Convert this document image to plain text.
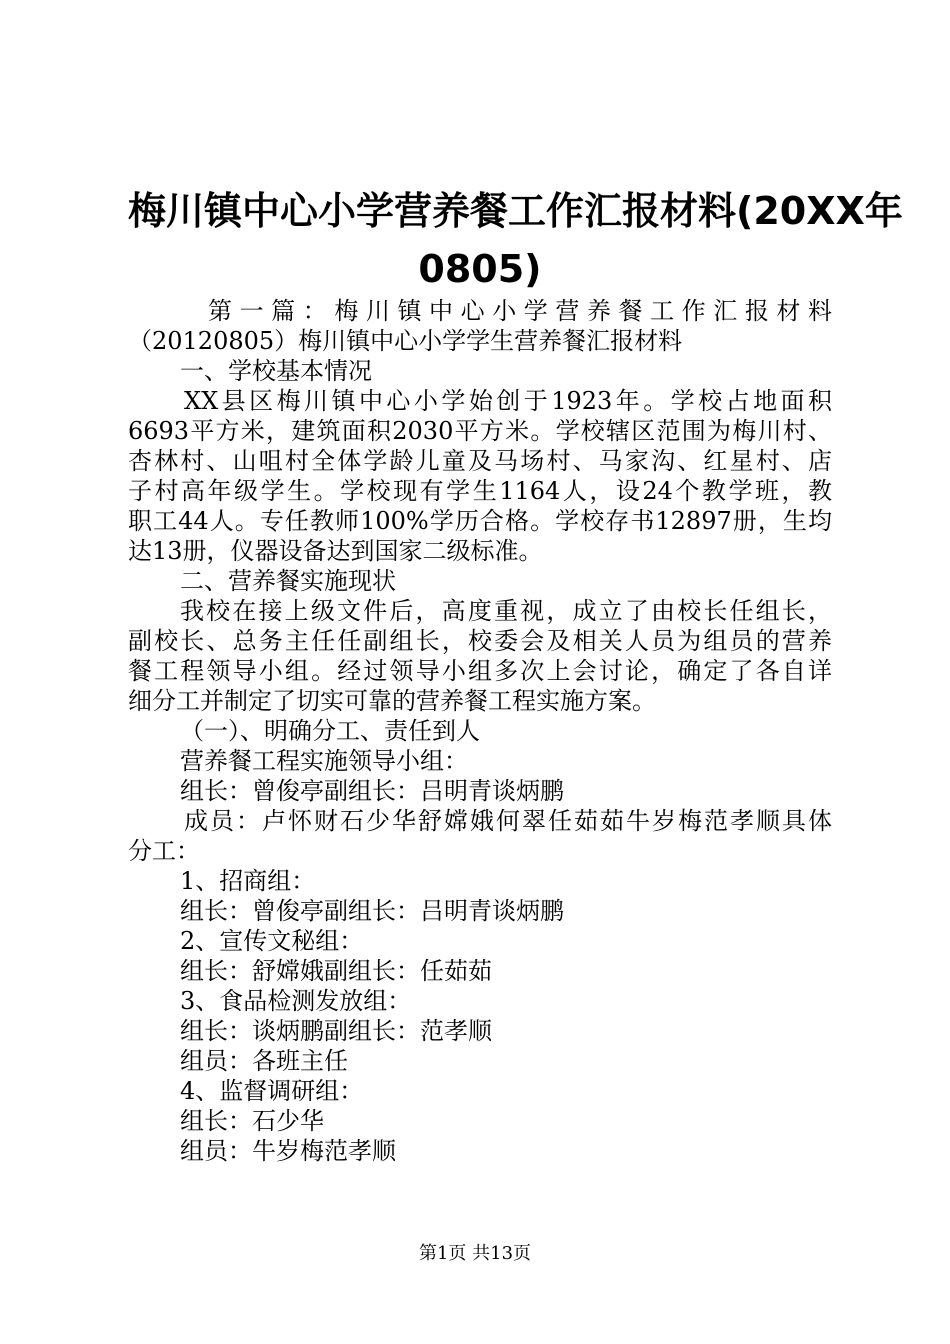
梅川镇中心小学营养餐工作汇报材料(20XX年
0805)
第一篇：梅川镇中心小学营养餐工作汇报材料
（20120805）梅川镇中心小学学生营养餐汇报材料
一、学校基本情况
XX县区梅川镇中心小学始创于1923年。学校占地面积
6693平方米，建筑面积2030平方米。学校辖区范围为梅川村、
杏林村、山咀村全体学龄儿童及马场村、马家沟、红星村、店
子村高年级学生。学校现有学生1164人，设24个教学班，教
职工44人。专任教师100%学历合格。学校存书12897册，生均
达13册，仪器设备达到国家二级标准。
二、营养餐实施现状
我校在接上级文件后，高度重视，成立了由校长任组长，
副校长、总务主任任副组长，校委会及相关人员为组员的营养
餐工程领导小组。经过领导小组多次上会讨论，确定了各自详
细分工并制定了切实可靠的营养餐工程实施方案。
（一）、明确分工、责任到人
营养餐工程实施领导小组：
组长：曾俊亭副组长：吕明青谈炳鹏
成员：卢怀财石少华舒嫦娥何翠任茹茹牛岁梅范孝顺具体
分工：
1、招商组：
组长：曾俊亭副组长：吕明青谈炳鹏
2、宣传文秘组：
组长：舒嫦娥副组长：任茹茹
3、食品检测发放组：
组长：谈炳鹏副组长：范孝顺
组员：各班主任
4、监督调研组：
组长：石少华
组员：牛岁梅范孝顺
第1页 共13页
